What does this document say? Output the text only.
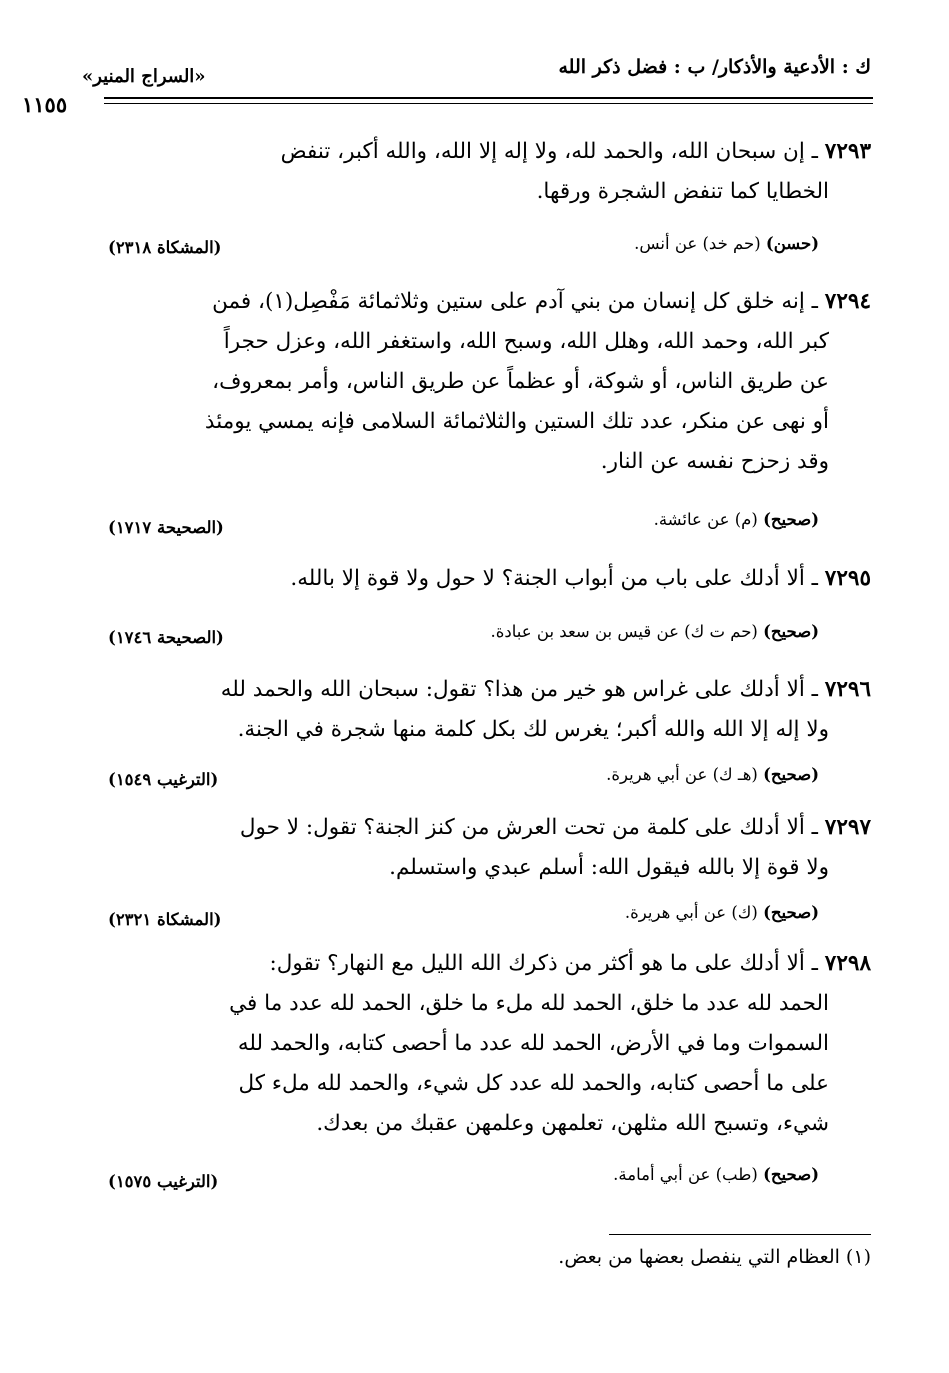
ك : الأدعية والأذكار/ ب : فضل ذكر الله
«السراج المنير»
١١٥٥
٧٢٩٣ ـ إن سبحان الله، والحمد لله، ولا إله إلا الله، والله أكبر، تنفض
الخطايا كما تنفض الشجرة ورقها.
(حسن) (حم خد) عن أنس.
(المشكاة ٢٣١٨)
٧٢٩٤ ـ إنه خلق كل إنسان من بني آدم على ستين وثلاثمائة مَفْصِل(١)، فمن
كبر الله، وحمد الله، وهلل الله، وسبح الله، واستغفر الله، وعزل حجراً
عن طريق الناس، أو شوكة، أو عظماً عن طريق الناس، وأمر بمعروف،
أو نهى عن منكر، عدد تلك الستين والثلاثمائة السلامى فإنه يمسي يومئذ
وقد زحزح نفسه عن النار.
(صحيح) (م) عن عائشة.
(الصحيحة ١٧١٧)
٧٢٩٥ ـ ألا أدلك على باب من أبواب الجنة؟ لا حول ولا قوة إلا بالله.
(صحيح) (حم ت ك) عن قيس بن سعد بن عبادة.
(الصحيحة ١٧٤٦)
٧٢٩٦ ـ ألا أدلك على غراس هو خير من هذا؟ تقول: سبحان الله والحمد لله
ولا إله إلا الله والله أكبر؛ يغرس لك بكل كلمة منها شجرة في الجنة.
(صحيح) (هـ ك) عن أبي هريرة.
(الترغيب ١٥٤٩)
٧٢٩٧ ـ ألا أدلك على كلمة من تحت العرش من كنز الجنة؟ تقول: لا حول
ولا قوة إلا بالله فيقول الله: أسلم عبدي واستسلم.
(صحيح) (ك) عن أبي هريرة.
(المشكاة ٢٣٢١)
٧٢٩٨ ـ ألا أدلك على ما هو أكثر من ذكرك الله الليل مع النهار؟ تقول:
الحمد لله عدد ما خلق، الحمد لله ملء ما خلق، الحمد لله عدد ما في
السموات وما في الأرض، الحمد لله عدد ما أحصى كتابه، والحمد لله
على ما أحصى كتابه، والحمد لله عدد كل شيء، والحمد لله ملء كل
شيء، وتسبح الله مثلهن، تعلمهن وعلمهن عقبك من بعدك.
(صحيح) (طب) عن أبي أمامة.
(الترغيب ١٥٧٥)
(١) العظام التي ينفصل بعضها من بعض.
